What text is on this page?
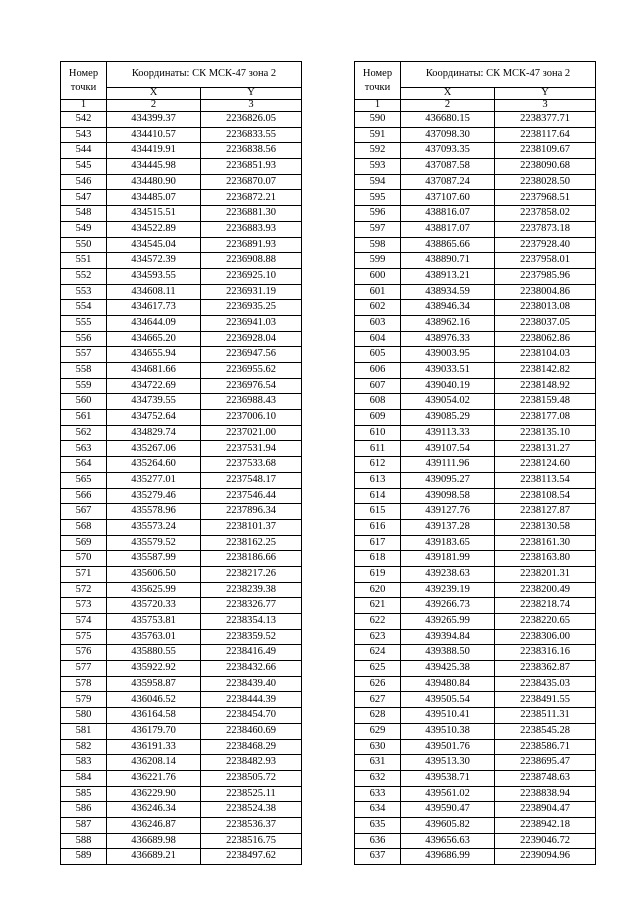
Номер точки	Координаты: СК МСК-47 зона 2	
	X	Y
1	2	3
542	434399.37	2236826.05
543	434410.57	2236833.55
544	434419.91	2236838.56
545	434445.98	2236851.93
546	434480.90	2236870.07
547	434485.07	2236872.21
548	434515.51	2236881.30
549	434522.89	2236883.93
550	434545.04	2236891.93
551	434572.39	2236908.88
552	434593.55	2236925.10
553	434608.11	2236931.19
554	434617.73	2236935.25
555	434644.09	2236941.03
556	434665.20	2236928.04
557	434655.94	2236947.56
558	434681.66	2236955.62
559	434722.69	2236976.54
560	434739.55	2236988.43
561	434752.64	2237006.10
562	434829.74	2237021.00
563	435267.06	2237531.94
564	435264.60	2237533.68
565	435277.01	2237548.17
566	435279.46	2237546.44
567	435578.96	2237896.34
568	435573.24	2238101.37
569	435579.52	2238162.25
570	435587.99	2238186.66
571	435606.50	2238217.26
572	435625.99	2238239.38
573	435720.33	2238326.77
574	435753.81	2238354.13
575	435763.01	2238359.52
576	435880.55	2238416.49
577	435922.92	2238432.66
578	435958.87	2238439.40
579	436046.52	2238444.39
580	436164.58	2238454.70
581	436179.70	2238460.69
582	436191.33	2238468.29
583	436208.14	2238482.93
584	436221.76	2238505.72
585	436229.90	2238525.11
586	436246.34	2238524.38
587	436246.87	2238536.37
588	436689.98	2238516.75
589	436689.21	2238497.62
Номер точки	Координаты: СК МСК-47 зона 2	
	X	Y
1	2	3
590	436680.15	2238377.71
591	437098.30	2238117.64
592	437093.35	2238109.67
593	437087.58	2238090.68
594	437087.24	2238028.50
595	437107.60	2237968.51
596	438816.07	2237858.02
597	438817.07	2237873.18
598	438865.66	2237928.40
599	438890.71	2237958.01
600	438913.21	2237985.96
601	438934.59	2238004.86
602	438946.34	2238013.08
603	438962.16	2238037.05
604	438976.33	2238062.86
605	439003.95	2238104.03
606	439033.51	2238142.82
607	439040.19	2238148.92
608	439054.02	2238159.48
609	439085.29	2238177.08
610	439113.33	2238135.10
611	439107.54	2238131.27
612	439111.96	2238124.60
613	439095.27	2238113.54
614	439098.58	2238108.54
615	439127.76	2238127.87
616	439137.28	2238130.58
617	439183.65	2238161.30
618	439181.99	2238163.80
619	439238.63	2238201.31
620	439239.19	2238200.49
621	439266.73	2238218.74
622	439265.99	2238220.65
623	439394.84	2238306.00
624	439388.50	2238316.16
625	439425.38	2238362.87
626	439480.84	2238435.03
627	439505.54	2238491.55
628	439510.41	2238511.31
629	439510.38	2238545.28
630	439501.76	2238586.71
631	439513.30	2238695.47
632	439538.71	2238748.63
633	439561.02	2238838.94
634	439590.47	2238904.47
635	439605.82	2238942.18
636	439656.63	2239046.72
637	439686.99	2239094.96
